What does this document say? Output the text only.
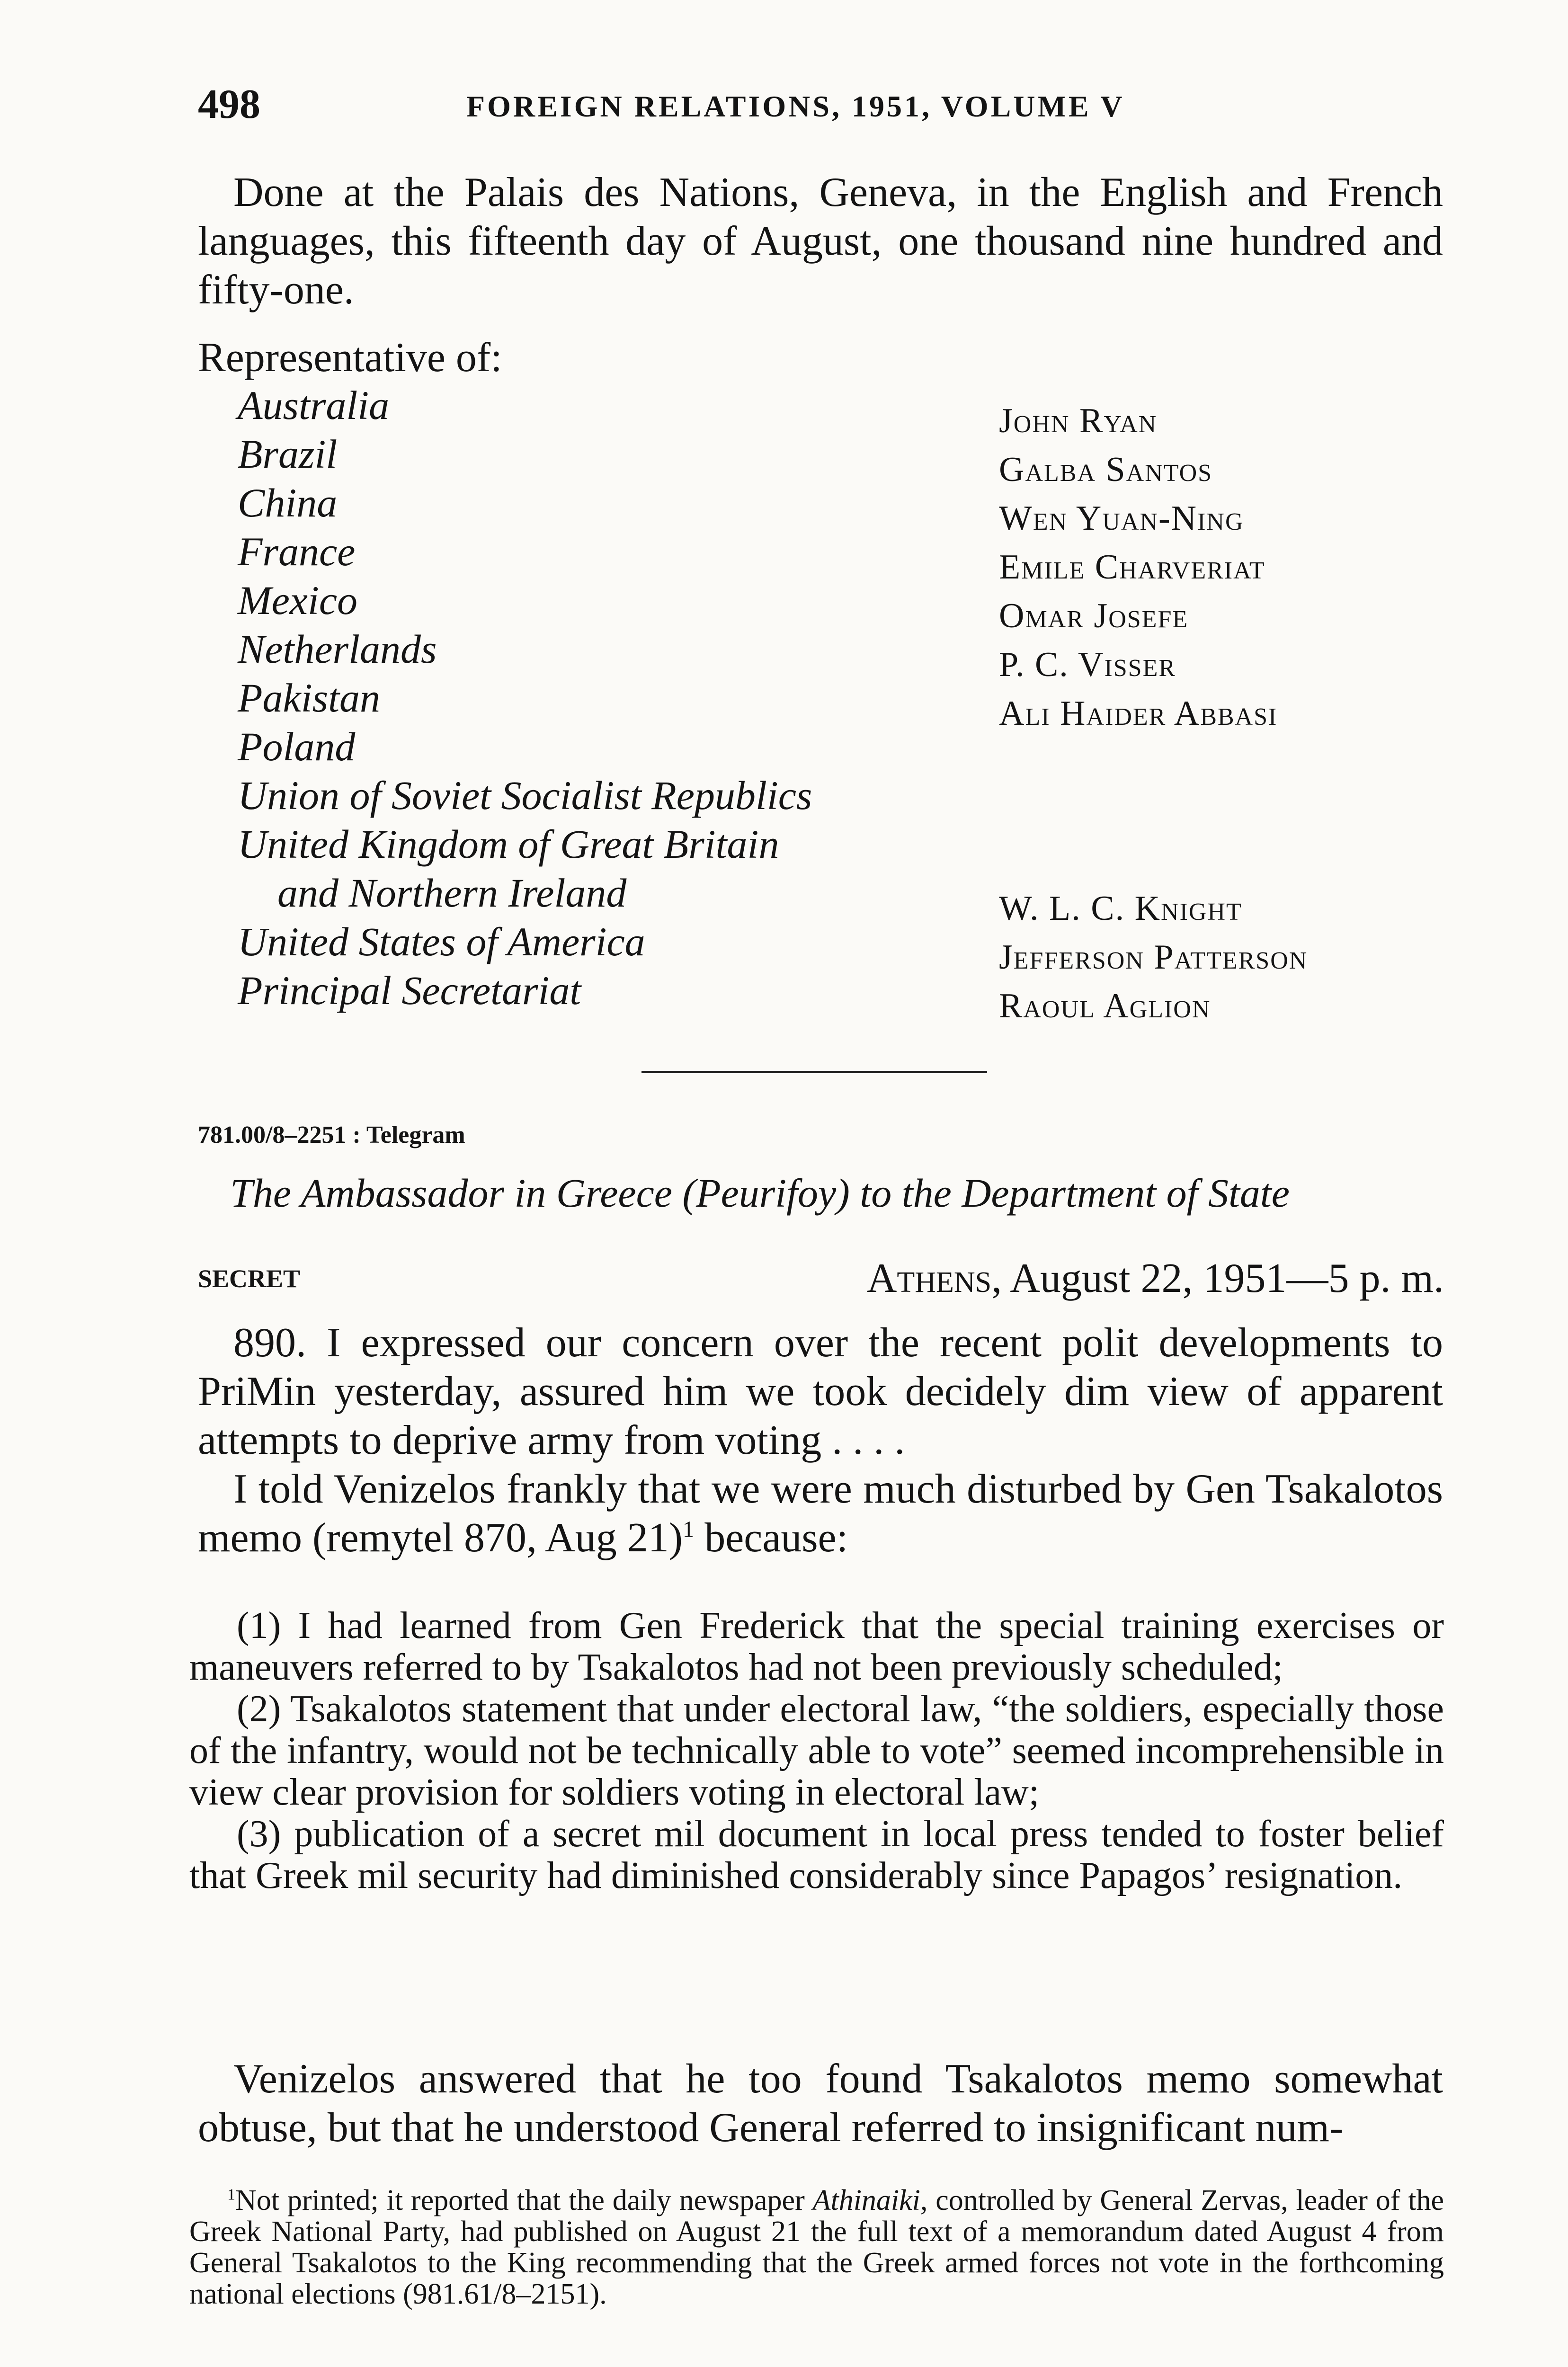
498	FOREIGN RELATIONS, 1951, VOLUME V

Done at the Palais des Nations, Geneva, in the English and French languages, this fifteenth day of August, one thousand nine hundred and fifty-one.

Representative of:
Australia
Brazil
China
France
Mexico
Netherlands
Pakistan
Poland
Union of Soviet Socialist Republics
United Kingdom of Great Britain
and Northern Ireland
United States of America
Principal Secretariat
John Ryan
Galba Santos
Wen Yuan-Ning
Emile Charveriat
Omar Josefe
P. C. Visser
Ali Haider Abbasi
W. L. C. Knight
Jefferson Patterson
Raoul Aglion
781.00/8–2251 : Telegram
The Ambassador in Greece (Peurifoy) to the Department of State
SECRET	Athens, August 22, 1951—5 p. m.

890. I expressed our concern over the recent polit developments to PriMin yesterday, assured him we took decidely dim view of apparent attempts to deprive army from voting . . . .

I told Venizelos frankly that we were much disturbed by Gen Tsakalotos memo (remytel 870, Aug 21)$^1$ because:

(1) I had learned from Gen Frederick that the special training exercises or maneuvers referred to by Tsakalotos had not been previously scheduled;

(2) Tsakalotos statement that under electoral law, “the soldiers, especially those of the infantry, would not be technically able to vote” seemed incomprehensible in view clear provision for soldiers voting in electoral law;

(3) publication of a secret mil document in local press tended to foster belief that Greek mil security had diminished considerably since Papagos’ resignation.

Venizelos answered that he too found Tsakalotos memo somewhat obtuse, but that he understood General referred to insignificant num-

$^1$Not printed; it reported that the daily newspaper Athinaiki, controlled by General Zervas, leader of the Greek National Party, had published on August 21 the full text of a memorandum dated August 4 from General Tsakalotos to the King recommending that the Greek armed forces not vote in the forthcoming national elections (981.61/8–2151).
